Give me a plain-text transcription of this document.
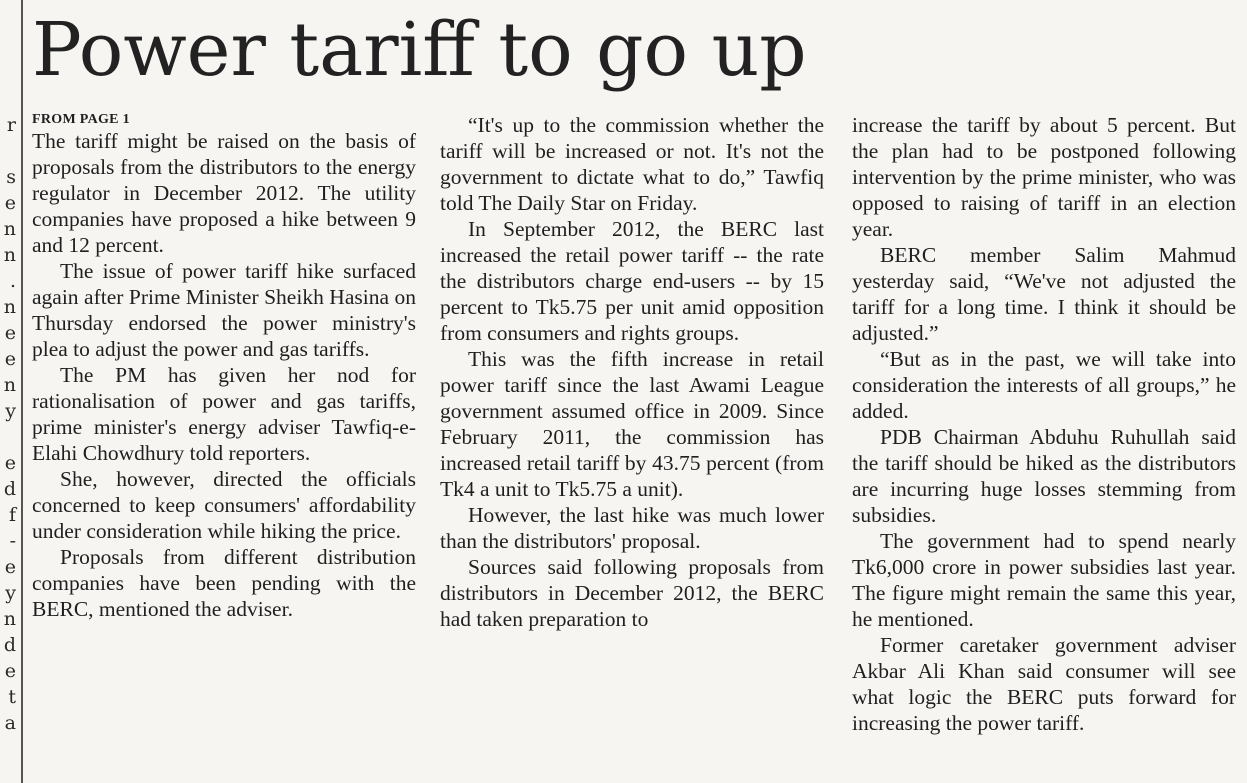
r
s
e
n
n
.
n
e
e
n
y
e
d
f
-
e
y
n
d
e
t
a
Power tariff to go up
FROM PAGE 1

The tariff might be raised on the basis of proposals from the distributors to the energy regulator in December 2012. The utility companies have proposed a hike between 9 and 12 percent.

The issue of power tariff hike surfaced again after Prime Minister Sheikh Hasina on Thursday endorsed the power ministry's plea to adjust the power and gas tariffs.

The PM has given her nod for rationalisation of power and gas tariffs, prime minister's energy adviser Tawfiq-e-Elahi Chowdhury told reporters.

She, however, directed the officials concerned to keep consumers' affordability under consideration while hiking the price.

Proposals from different distribution companies have been pending with the BERC, mentioned the adviser.

“It's up to the commission whether the tariff will be increased or not. It's not the government to dictate what to do,” Tawfiq told The Daily Star on Friday.

In September 2012, the BERC last increased the retail power tariff -- the rate the distributors charge end-users -- by 15 percent to Tk5.75 per unit amid opposition from consumers and rights groups.

This was the fifth increase in retail power tariff since the last Awami League government assumed office in 2009. Since February 2011, the commission has increased retail tariff by 43.75 percent (from Tk4 a unit to Tk5.75 a unit).

However, the last hike was much lower than the distributors' proposal.

Sources said following proposals from distributors in December 2012, the BERC had taken preparation to

increase the tariff by about 5 percent. But the plan had to be postponed following intervention by the prime minister, who was opposed to raising of tariff in an election year.

BERC member Salim Mahmud yesterday said, “We've not adjusted the tariff for a long time. I think it should be adjusted.”

“But as in the past, we will take into consideration the interests of all groups,” he added.

PDB Chairman Abduhu Ruhullah said the tariff should be hiked as the distributors are incurring huge losses stemming from subsidies.

The government had to spend nearly Tk6,000 crore in power subsidies last year. The figure might remain the same this year, he mentioned.

Former caretaker government adviser Akbar Ali Khan said consumer will see what logic the BERC puts forward for increasing the power tariff.
